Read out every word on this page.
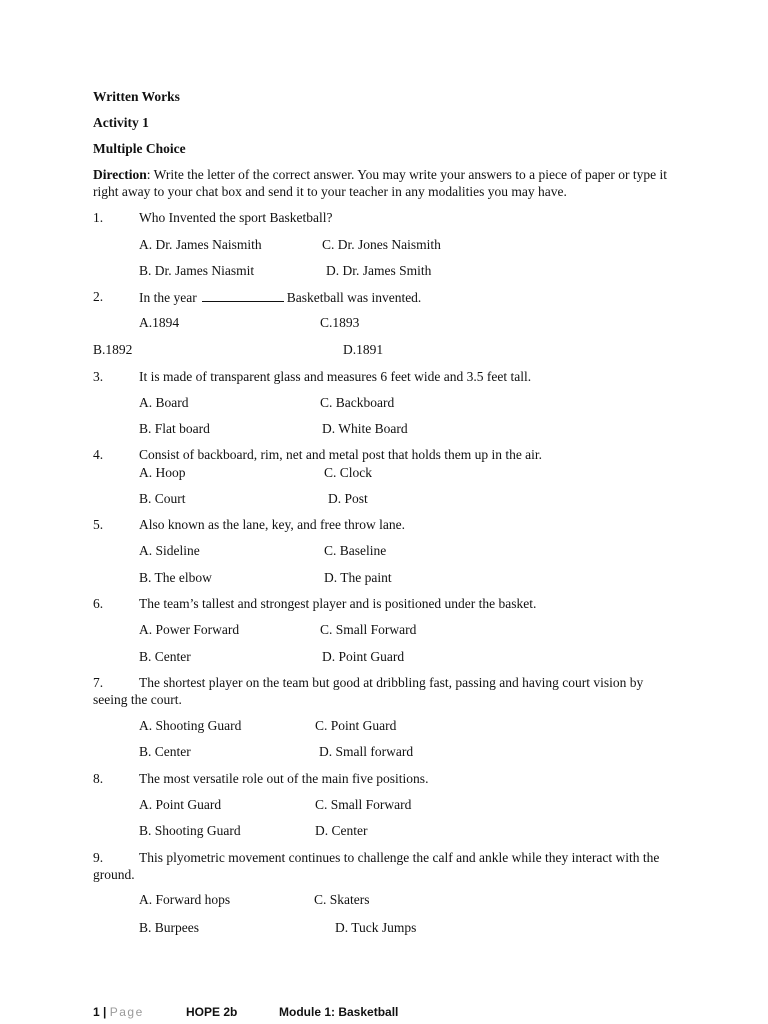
Written Works
Activity 1
Multiple Choice
Direction: Write the letter of the correct answer. You may write your answers to a piece of paper or type it right away to your chat box and send it to your teacher in any modalities you may have.
1.	Who Invented the sport Basketball?
A. Dr. James Naismith	C. Dr. Jones Naismith
B. Dr. James Niasmit	D. Dr. James Smith
2.	In the year	Basketball was invented.
A.1894	C.1893
B.1892	D.1891
3.	It is made of transparent glass and measures 6 feet wide and 3.5 feet tall.
A. Board	C. Backboard
B. Flat board	D. White Board
4.	Consist of backboard, rim, net and metal post that holds them up in the air.
A. Hoop	C. Clock
B. Court	D. Post
5.	Also known as the lane, key, and free throw lane.
A. Sideline	C. Baseline
B. The elbow	D. The paint
6.	The team’s tallest and strongest player and is positioned under the basket.
A. Power Forward	C. Small Forward
B. Center	D. Point Guard
7.	The shortest player on the team but good at dribbling fast, passing and having court vision by seeing the court.
A. Shooting Guard	C. Point Guard
B. Center	D. Small forward
8.	The most versatile role out of the main five positions.
A. Point Guard	C. Small Forward
B. Shooting Guard	D. Center
9.	This plyometric movement continues to challenge the calf and ankle while they interact with the ground.
A. Forward hops	C. Skaters
B. Burpees	D. Tuck Jumps
1 | Page	HOPE 2b	Module 1: Basketball
